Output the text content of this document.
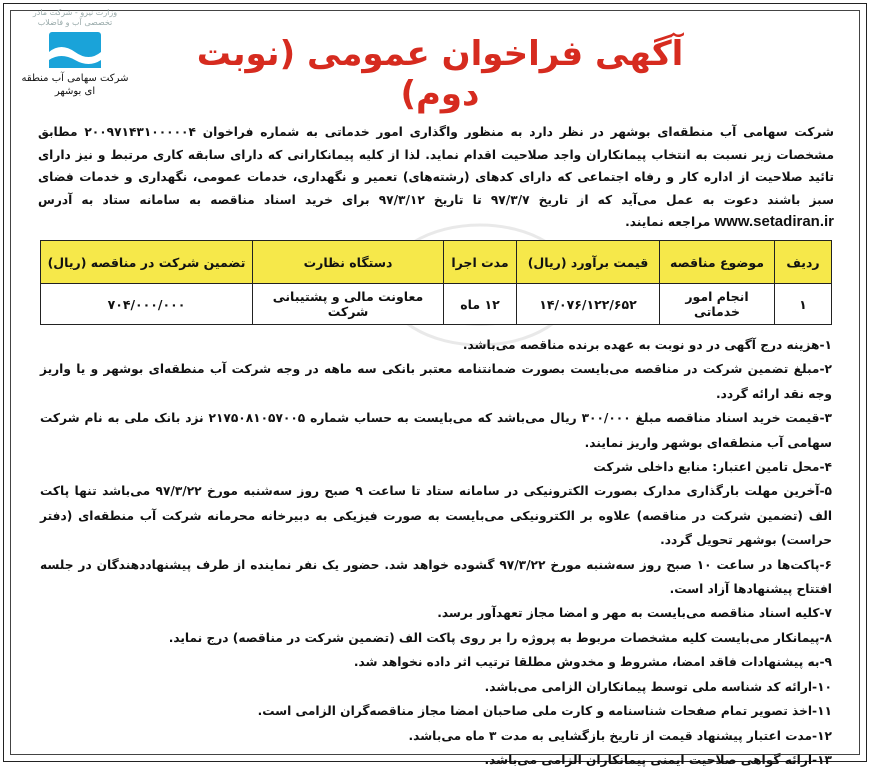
وزارت نیرو - شرکت مادر تخصصی آب و فاضلاب
شرکت سهامی آب منطقه ای بوشهر
آگهی فراخوان عمومی (نوبت دوم)
شرکت سهامی آب منطقه‌ای بوشهر در نظر دارد به منظور واگذاری امور خدماتی به شماره فراخوان ۲۰۰۹۷۱۴۳۱۰۰۰۰۰۴ مطابق مشخصات زیر نسبت به انتخاب پیمانکاران واجد صلاحیت اقدام نماید. لذا از کلیه پیمانکارانی که دارای سابقه کاری مرتبط و نیز دارای تائید صلاحیت از اداره کار و رفاه اجتماعی که دارای کدهای (رشته‌های) تعمیر و نگهداری، خدمات عمومی، نگهداری و خدمات فضای سبز باشند دعوت به عمل می‌آید که از تاریخ ۹۷/۳/۷ تا تاریخ ۹۷/۳/۱۲ برای خرید اسناد مناقصه به سامانه ستاد به آدرس www.setadiran.ir مراجعه نمایند.
ردیف	موضوع مناقصه	قیمت برآورد (ریال)	مدت اجرا	دستگاه نظارت	تضمین شرکت در مناقصه (ریال)
۱	انجام امور خدماتی	۱۴/۰۷۶/۱۲۲/۶۵۲	۱۲ ماه	معاونت مالی و پشتیبانی شرکت	۷۰۴/۰۰۰/۰۰۰

۱-هزینه درج آگهی در دو نوبت به عهده برنده مناقصه می‌باشد.

۲-مبلغ تضمین شرکت در مناقصه می‌بایست بصورت ضمانتنامه معتبر بانکی سه ماهه در وجه شرکت آب منطقه‌ای بوشهر و یا واریز وجه نقد ارائه گردد.

۳-قیمت خرید اسناد مناقصه مبلغ ۳۰۰/۰۰۰ ریال می‌باشد که می‌بایست به حساب شماره ۲۱۷۵۰۸۱۰۵۷۰۰۵ نزد بانک ملی به نام شرکت سهامی آب منطقه‌ای بوشهر واریز نمایند.

۴-محل تامین اعتبار: منابع داخلی شرکت

۵-آخرین مهلت بارگذاری مدارک بصورت الکترونیکی در سامانه ستاد تا ساعت ۹ صبح روز سه‌شنبه مورخ ۹۷/۳/۲۲ می‌باشد تنها پاکت الف (تضمین شرکت در مناقصه) علاوه بر الکترونیکی می‌بایست به صورت فیزیکی به دبیرخانه محرمانه شرکت آب منطقه‌ای (دفتر حراست) بوشهر تحویل گردد.

۶-پاکت‌ها در ساعت ۱۰ صبح روز سه‌شنبه مورخ ۹۷/۳/۲۲ گشوده خواهد شد. حضور یک نفر نماینده از طرف پیشنهاددهندگان در جلسه افتتاح پیشنهادها آزاد است.

۷-کلیه اسناد مناقصه می‌بایست به مهر و امضا مجاز تعهدآور برسد.

۸-پیمانکار می‌بایست کلیه مشخصات مربوط به پروژه را بر روی پاکت الف (تضمین شرکت در مناقصه) درج نماید.

۹-به پیشنهادات فاقد امضا، مشروط و مخدوش مطلقا ترتیب اثر داده نخواهد شد.

۱۰-ارائه کد شناسه ملی توسط پیمانکاران الزامی می‌باشد.

۱۱-اخذ تصویر تمام صفحات شناسنامه و کارت ملی صاحبان امضا مجاز مناقصه‌گران الزامی است.

۱۲-مدت اعتبار پیشنهاد قیمت از تاریخ بازگشایی به مدت ۳ ماه می‌باشد.

۱۳-ارائه گواهی صلاحیت ایمنی پیمانکاران الزامی می‌باشد.
